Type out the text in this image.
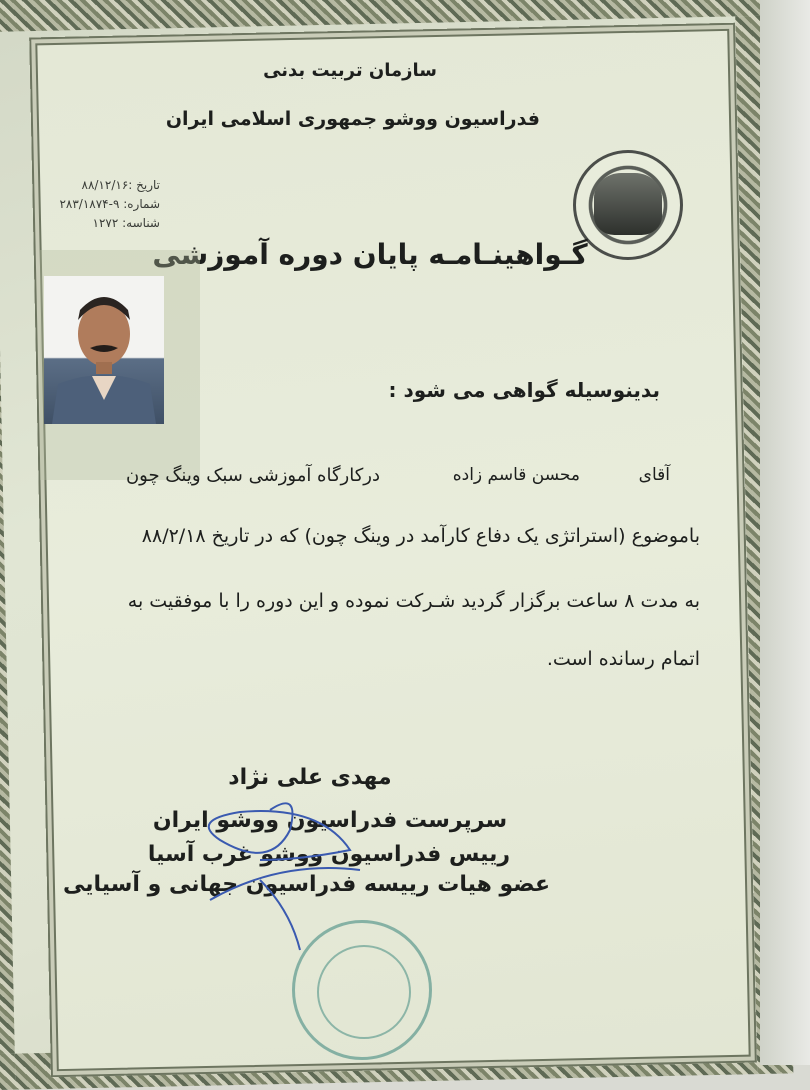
سازمان تربیت بدنی
فدراسیون ووشو جمهوری اسلامی ایران
تاریخ :۸۸/۱۲/۱۶
شماره: ۹-۲۸۳/۱۸۷۴
شناسه: ۱۲۷۲
گـواهینـامـه پایان دوره آموزشی
بدینوسیله گواهی می شود :
آقای
محسن قاسم زاده
درکارگاه آموزشی سبک وینگ چون
باموضوع (استراتژی یک دفاع کارآمد در وینگ چون) که در تاریخ ۸۸/۲/۱۸
به مدت ۸ ساعت برگزار گردید شـرکت نموده و این دوره را با موفقیت به
اتمام رسانده است.
مهدی علی نژاد
سرپرست فدراسیون ووشو ایران
رییس فدراسیون ووشو غرب آسیا
عضو هیات رییسه فدراسیون جهانی و آسیایی
